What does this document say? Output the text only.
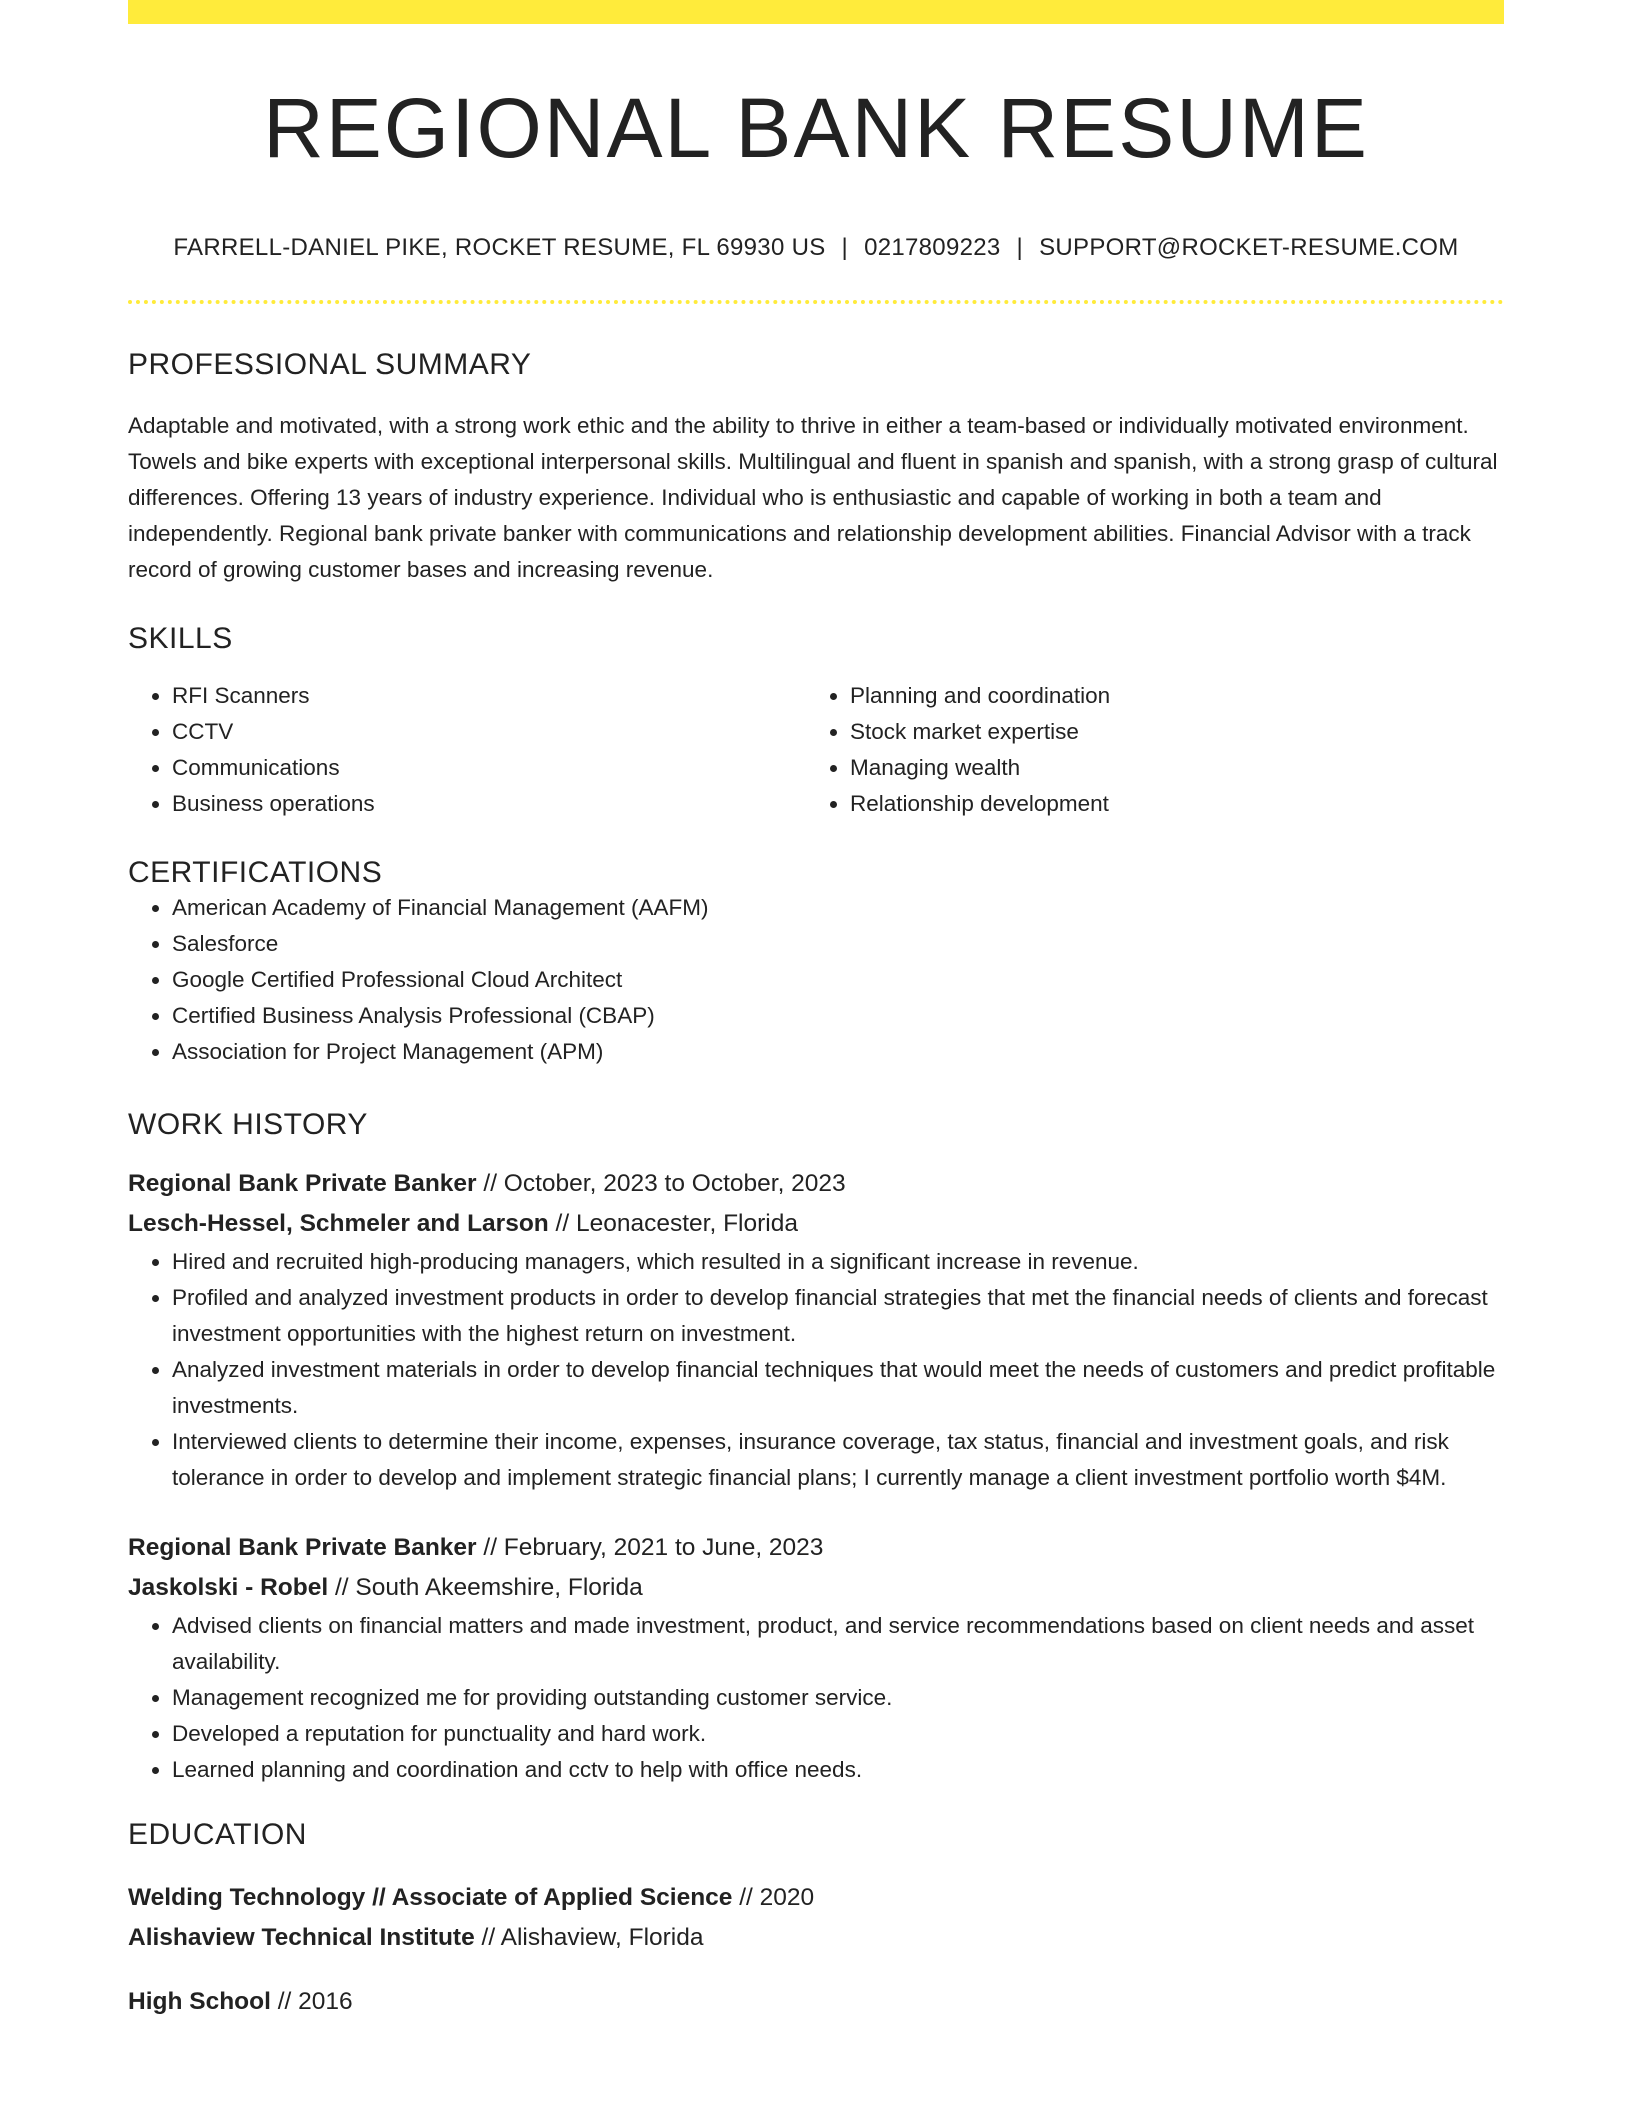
REGIONAL BANK RESUME
FARRELL-DANIEL PIKE, ROCKET RESUME, FL 69930 US | 0217809223 | SUPPORT@ROCKET-RESUME.COM
PROFESSIONAL SUMMARY
Adaptable and motivated, with a strong work ethic and the ability to thrive in either a team-based or individually motivated environment. Towels and bike experts with exceptional interpersonal skills. Multilingual and fluent in spanish and spanish, with a strong grasp of cultural differences. Offering 13 years of industry experience. Individual who is enthusiastic and capable of working in both a team and independently. Regional bank private banker with communications and relationship development abilities. Financial Advisor with a track record of growing customer bases and increasing revenue.
SKILLS
• RFI Scanners
• CCTV
• Communications
• Business operations
• Planning and coordination
• Stock market expertise
• Managing wealth
• Relationship development
CERTIFICATIONS
• American Academy of Financial Management (AAFM)
• Salesforce
• Google Certified Professional Cloud Architect
• Certified Business Analysis Professional (CBAP)
• Association for Project Management (APM)
WORK HISTORY
Regional Bank Private Banker // October, 2023 to October, 2023
Lesch-Hessel, Schmeler and Larson // Leonacester, Florida
• Hired and recruited high-producing managers, which resulted in a significant increase in revenue.
• Profiled and analyzed investment products in order to develop financial strategies that met the financial needs of clients and forecast investment opportunities with the highest return on investment.
• Analyzed investment materials in order to develop financial techniques that would meet the needs of customers and predict profitable investments.
• Interviewed clients to determine their income, expenses, insurance coverage, tax status, financial and investment goals, and risk tolerance in order to develop and implement strategic financial plans; I currently manage a client investment portfolio worth $4M.
Regional Bank Private Banker // February, 2021 to June, 2023
Jaskolski - Robel // South Akeemshire, Florida
• Advised clients on financial matters and made investment, product, and service recommendations based on client needs and asset availability.
• Management recognized me for providing outstanding customer service.
• Developed a reputation for punctuality and hard work.
• Learned planning and coordination and cctv to help with office needs.
EDUCATION
Welding Technology // Associate of Applied Science // 2020
Alishaview Technical Institute // Alishaview, Florida
High School // 2016
